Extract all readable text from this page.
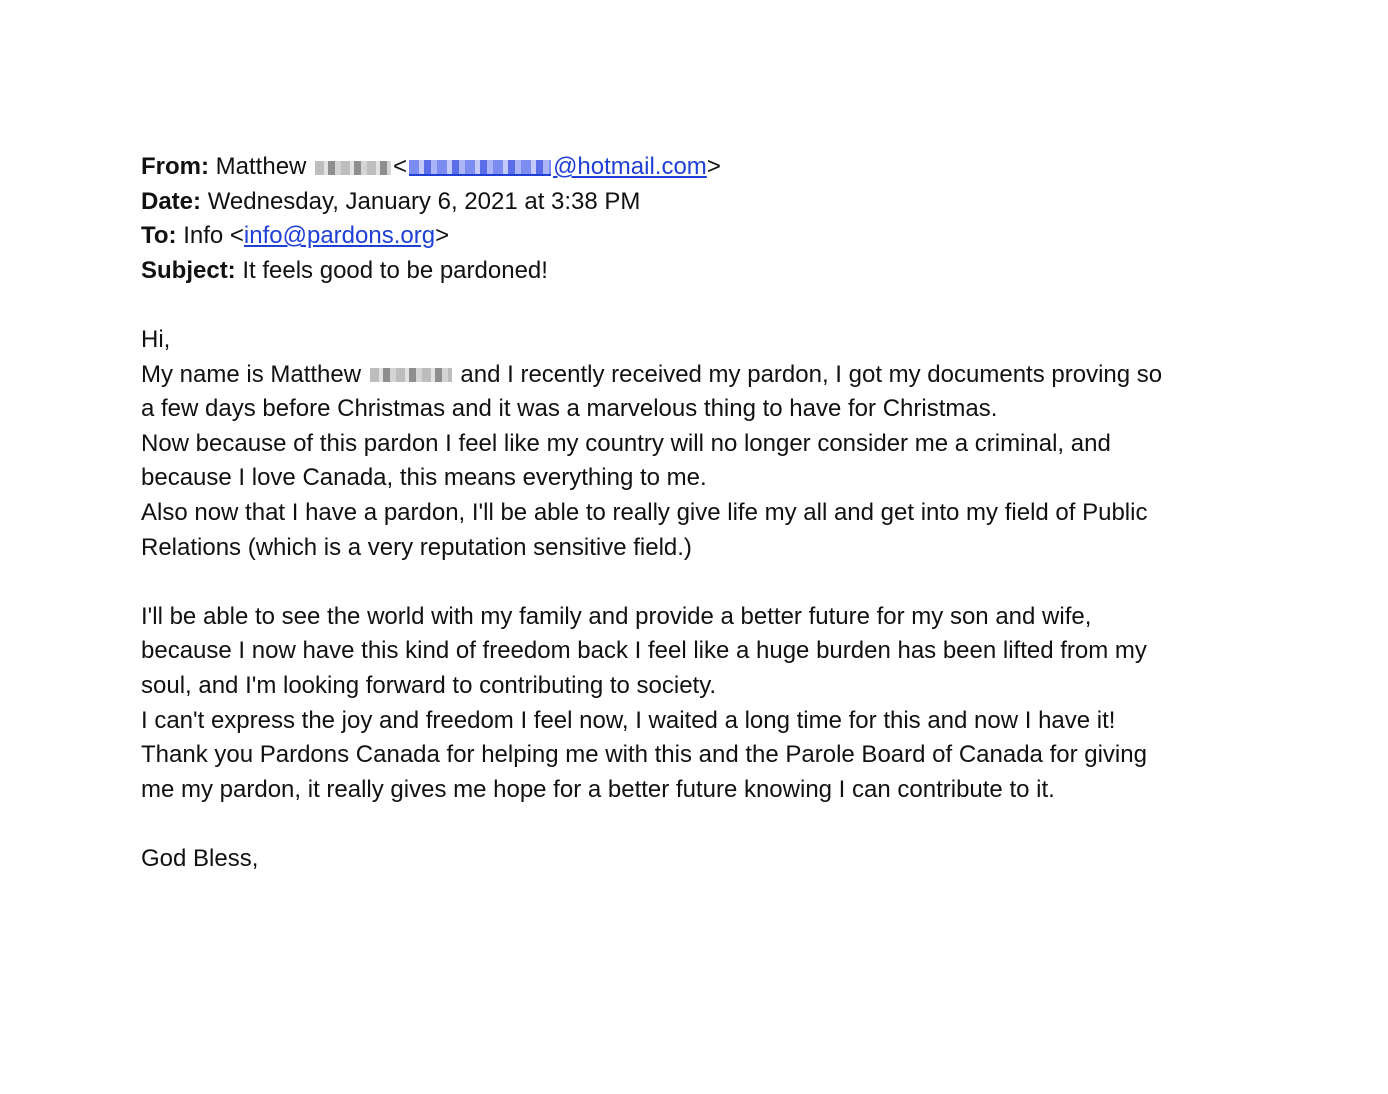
From: Matthew	<	@hotmail.com>
Date: Wednesday, January 6, 2021 at 3:38 PM
To: Info <info@pardons.org>
Subject: It feels good to be pardoned!
Hi,
My name is Matthew	and I recently received my pardon, I got my documents proving so
a few days before Christmas and it was a marvelous thing to have for Christmas.
Now because of this pardon I feel like my country will no longer consider me a criminal, and
because I love Canada, this means everything to me.
Also now that I have a pardon, I'll be able to really give life my all and get into my field of Public
Relations (which is a very reputation sensitive field.)
I'll be able to see the world with my family and provide a better future for my son and wife,
because I now have this kind of freedom back I feel like a huge burden has been lifted from my
soul, and I'm looking forward to contributing to society.
I can't express the joy and freedom I feel now, I waited a long time for this and now I have it!
Thank you Pardons Canada for helping me with this and the Parole Board of Canada for giving
me my pardon, it really gives me hope for a better future knowing I can contribute to it.
God Bless,
